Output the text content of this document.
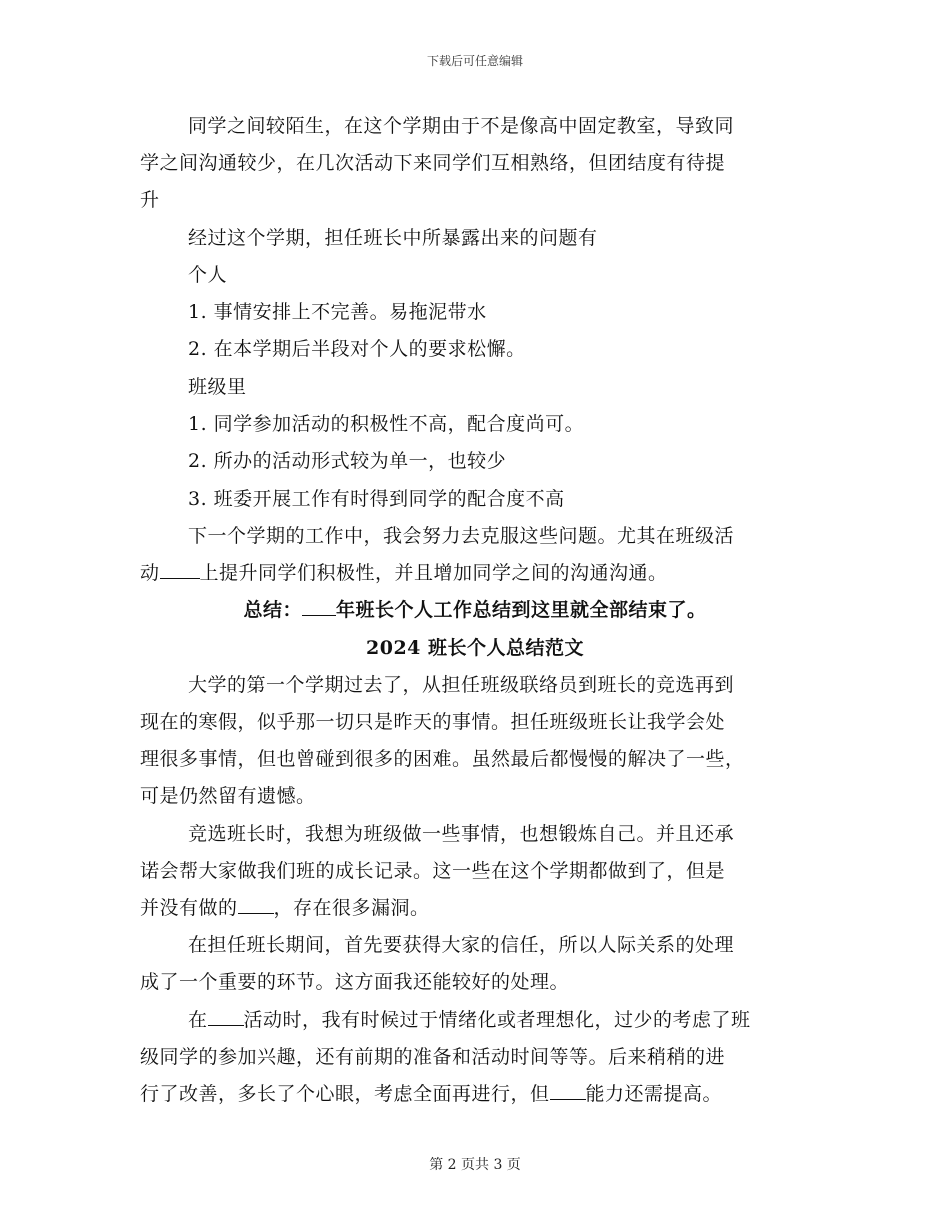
下载后可任意编辑
同学之间较陌生，在这个学期由于不是像高中固定教室，导致同
学之间沟通较少，在几次活动下来同学们互相熟络，但团结度有待提
升
经过这个学期，担任班长中所暴露出来的问题有
个人
1. 事情安排上不完善。易拖泥带水
2. 在本学期后半段对个人的要求松懈。
班级里
1. 同学参加活动的积极性不高，配合度尚可。
2. 所办的活动形式较为单一，也较少
3. 班委开展工作有时得到同学的配合度不高
下一个学期的工作中，我会努力去克服这些问题。尤其在班级活
动 上提升同学们积极性，并且增加同学之间的沟通沟通。
总结： 年班长个人工作总结到这里就全部结束了。
2024 班长个人总结范文
大学的第一个学期过去了，从担任班级联络员到班长的竞选再到
现在的寒假，似乎那一切只是昨天的事情。担任班级班长让我学会处
理很多事情，但也曾碰到很多的困难。虽然最后都慢慢的解决了一些，
可是仍然留有遗憾。
竞选班长时，我想为班级做一些事情，也想锻炼自己。并且还承
诺会帮大家做我们班的成长记录。这一些在这个学期都做到了，但是
并没有做的 ，存在很多漏洞。
在担任班长期间，首先要获得大家的信任，所以人际关系的处理
成了一个重要的环节。这方面我还能较好的处理。
在 活动时，我有时候过于情绪化或者理想化，过少的考虑了班
级同学的参加兴趣，还有前期的准备和活动时间等等。后来稍稍的进
行了改善，多长了个心眼，考虑全面再进行，但 能力还需提高。
第 2 页共 3 页
